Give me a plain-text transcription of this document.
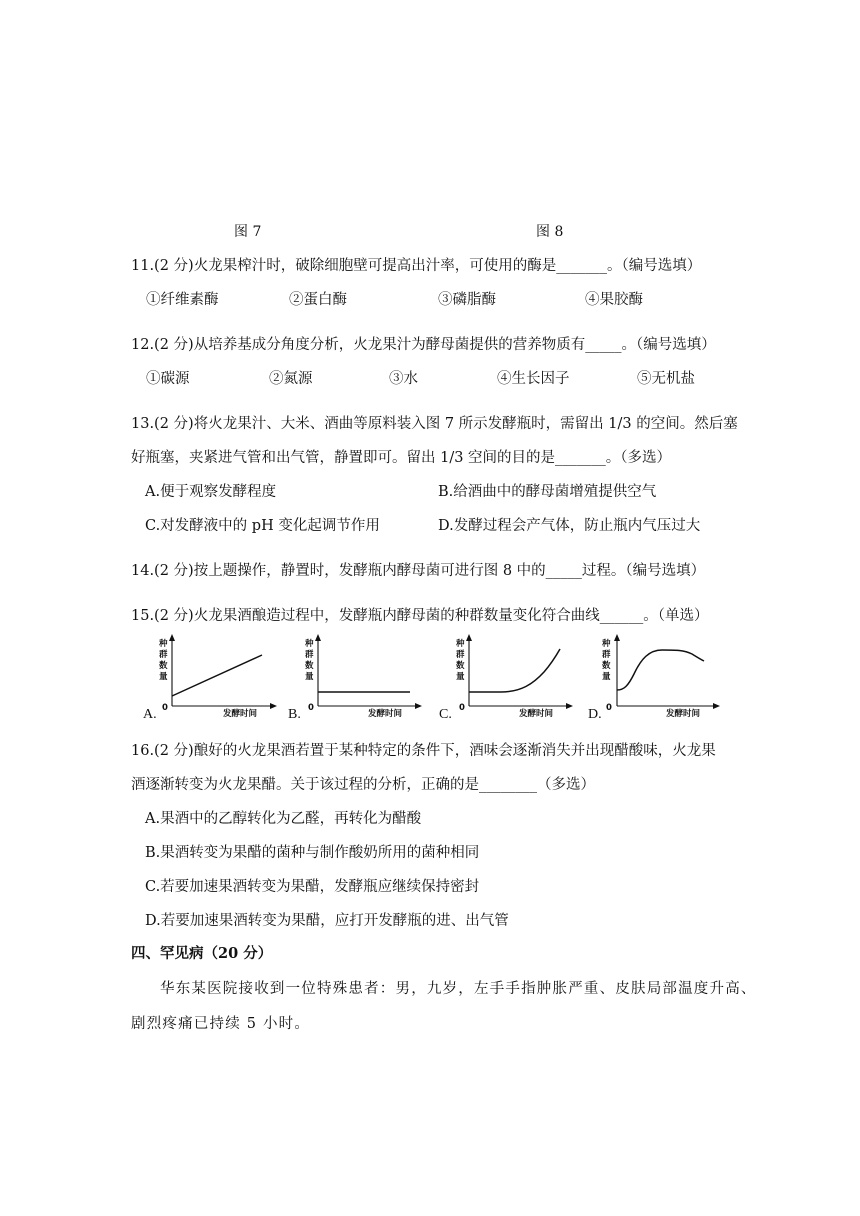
图 7	图 8
11.(2 分)火龙果榨汁时，破除细胞壁可提高出汁率，可使用的酶是_______。（编号选填）
①纤维素酶	②蛋白酶	③磷脂酶	④果胶酶
12.(2 分)从培养基成分角度分析，火龙果汁为酵母菌提供的营养物质有_____。（编号选填）
①碳源	②氮源	③水	④生长因子	⑤无机盐
13.(2 分)将火龙果汁、大米、酒曲等原料装入图 7 所示发酵瓶时，需留出 1/3 的空间。然后塞
好瓶塞，夹紧进气管和出气管，静置即可。留出 1/3 空间的目的是_______。（多选）
A.便于观察发酵程度	B.给酒曲中的酵母菌增殖提供空气
C.对发酵液中的 pH 变化起调节作用	D.发酵过程会产气体，防止瓶内气压过大
14.(2 分)按上题操作，静置时，发酵瓶内酵母菌可进行图 8 中的_____过程。（编号选填）
15.(2 分)火龙果酒酿造过程中，发酵瓶内酵母菌的种群数量变化符合曲线______。（单选）
A.
种
群
数
量
0
发酵时间 B.
种
群
数
量
0
发酵时间	C.
种
群
数
量
0
发酵时间 D.
种
群
数
量
0
发酵时间
16.(2 分)酿好的火龙果酒若置于某种特定的条件下，酒味会逐渐消失并出现醋酸味，火龙果
酒逐渐转变为火龙果醋。关于该过程的分析，正确的是________（多选）
A.果酒中的乙醇转化为乙醛，再转化为醋酸
B.果酒转变为果醋的菌种与制作酸奶所用的菌种相同
C.若要加速果酒转变为果醋，发酵瓶应继续保持密封
D.若要加速果酒转变为果醋，应打开发酵瓶的进、出气管
四、罕见病（20 分）
华东某医院接收到一位特殊患者：男，九岁，左手手指肿胀严重、皮肤局部温度升高、
剧烈疼痛已持续 5 小时。
